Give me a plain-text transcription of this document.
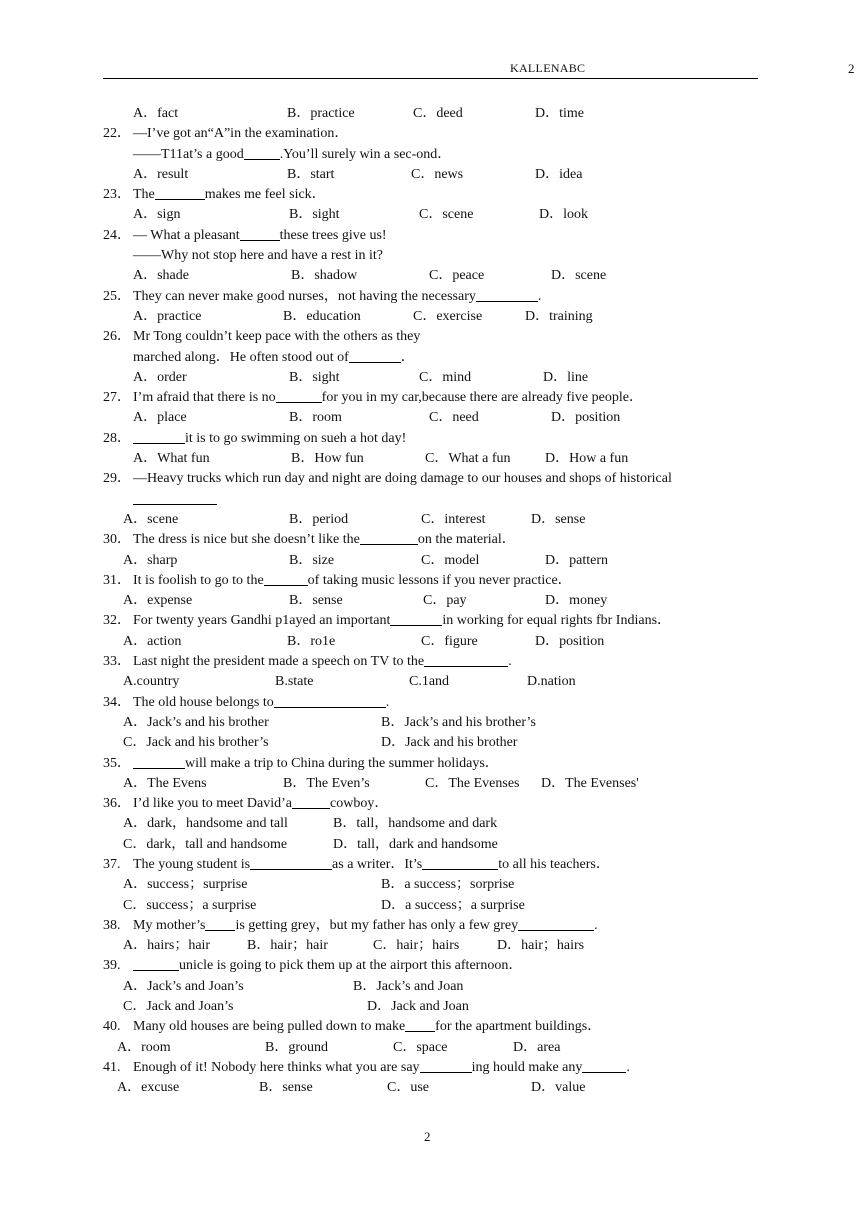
KALLENABC	2
A．fact	B．practice	C．deed	D．time
22． —I’ve got an“A”in the examination．
——T11at’s a good	.You’ll surely win a sec-ond．
A．result	B．start	C．news	D．idea
23． The	makes me feel sick．
A．sign	B．sight	C．scene	D．look
24． — What a pleasant	these trees give us!
——Why not stop here and have a rest in it?
A．shade	B．shadow	C．peace	D．scene
25． They can never make good nurses，not having the necessary	.
A．practice	B．education	C．exercise	D．training
26． Mr Tong couldn’t keep pace with the others as they
marched along．He often stood out of	．
A．order	B．sight	C．mind	D．line
27． I’m afraid that there is no	for you in my car,because there are already five people．
A．place	B．room	C．need	D．position
28．	it is to go swimming on sueh a hot day!
A．What fun	B．How fun	C．What a fun D．How a fun
29． —Heavy trucks which run day and night are doing damage to our houses and shops of historical
A．scene	B．period	C．interest	D．sense
30． The dress is nice but she doesn’t like the	on the material．
A．sharp	B．size	C．model	D．pattern
31． It is foolish to go to the	of taking music lessons if you never practice．
A．expense	B．sense	C．pay	D．money
32． For twenty years Gandhi p1ayed an important	in working for equal rights fbr Indians．
A．action	B．ro1e	C．figure	D．position
33． Last night the president made a speech on TV to the	.
A.country	B.state	C.1and	D.nation
34． The old house belongs to	.
A．Jack’s and his brother	B．Jack’s and his brother’s
C．Jack and his brother’s	D．Jack and his brother
35．	will make a trip to China during the summer holidays．
A．The Evens	B．The Even’s	C．The Evenses D．The Evenses'
36． I’d like you to meet David’a	cowboy．
A．dark，handsome and tall	B．tall，handsome and dark
C．dark，tall and handsome	D．tall，dark and handsome
37. The young student is	as a writer．It’s	to all his teachers．
A．success；surprise	B．a success；sorprise
C．success；a surprise	D．a success；a surprise
38. My mother’s is getting grey，but my father has only a few grey	.
A．hairs；hair	B．hair；hair	C．hair；hairs	D．hair；hairs
39.	unicle is going to pick them up at the airport this afternoon．
A．Jack’s and Joan’s	B．Jack’s and Joan
C．Jack and Joan’s	D．Jack and Joan
40. Many old houses are being pulled down to make for the apartment buildings．
A．room	B．ground	C．space	D．area
41. Enough of it! Nobody here thinks what you are say	ing hould make any	.
A．excuse	B．sense	C．use	D．value
2
